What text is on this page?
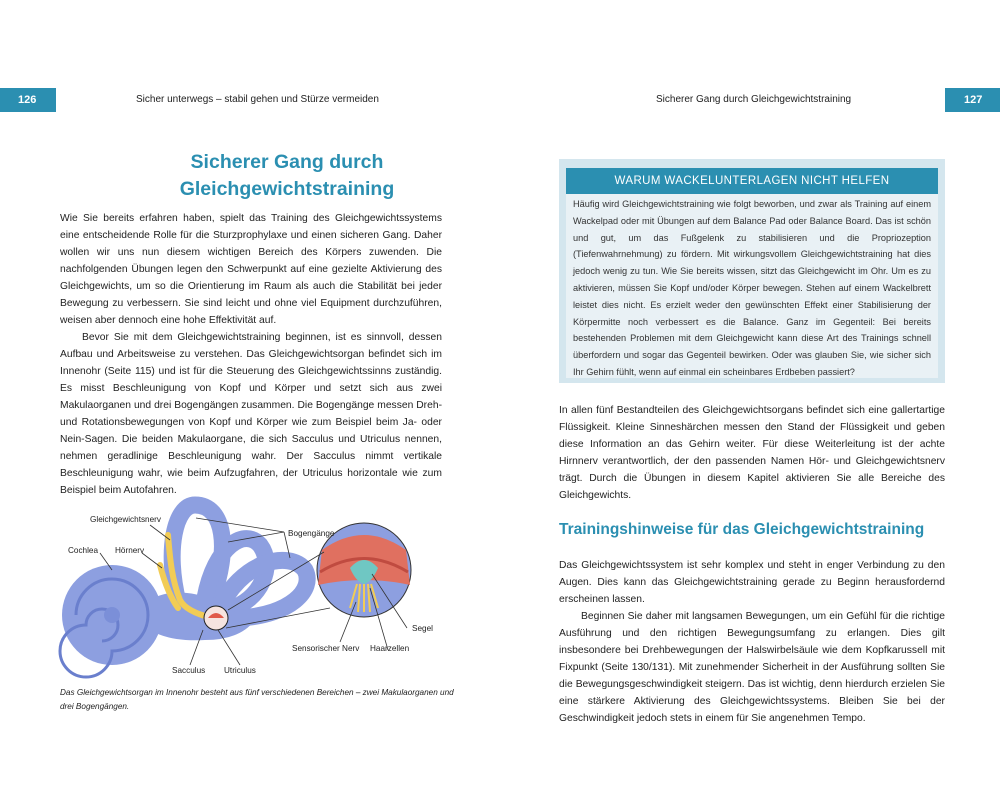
126	Sicher unterwegs – stabil gehen und Stürze vermeiden	Sicherer Gang durch Gleichgewichtstraining	127
Sicherer Gang durch
Gleichgewichtstraining

Wie Sie bereits erfahren haben, spielt das Training des Gleichgewichtssystems eine entscheidende Rolle für die Sturzprophylaxe und einen sicheren Gang. Daher wollen wir uns nun diesem wichtigen Bereich des Körpers zuwenden. Die nachfolgenden Übungen legen den Schwerpunkt auf eine gezielte Aktivierung des Gleichgewichts, um so die Orientierung im Raum als auch die Stabilität bei jeder Bewegung zu verbessern. Sie sind leicht und ohne viel Equipment durchzuführen, weisen aber dennoch eine hohe Effektivität auf.

Bevor Sie mit dem Gleichgewichtstraining beginnen, ist es sinnvoll, dessen Aufbau und Arbeitsweise zu verstehen. Das Gleichgewichtsorgan befindet sich im Innenohr (Seite 115) und ist für die Steuerung des Gleichgewichtssinns zuständig. Es misst Beschleunigung von Kopf und Körper und setzt sich aus zwei Makulaorganen und drei Bogengängen zusammen. Die Bogengänge messen Dreh- und Rotationsbewegungen von Kopf und Körper wie zum Beispiel beim Ja- oder Nein-Sagen. Die beiden Makulaorgane, die sich Sacculus und Utriculus nennen, nehmen geradlinige Beschleunigung wahr. Der Sacculus nimmt vertikale Beschleunigung wahr, wie beim Aufzugfahren, der Utriculus horizontale wie zum Beispiel beim Autofahren.

Gleichgewichtsnerv
Cochlea Hörnerv
Bogengänge
Segel
Sensorischer Nerv Haarzellen
Sacculus Utriculus

Das Gleichgewichtsorgan im Innenohr besteht aus fünf verschiedenen Bereichen – zwei Makulaorganen und drei Bogengängen.

WARUM WACKELUNTERLAGEN NICHT HELFEN
Häufig wird Gleichgewichtstraining wie folgt beworben, und zwar als Training auf einem Wackelpad oder mit Übungen auf dem Balance Pad oder Balance Board. Das ist schön und gut, um das Fußgelenk zu stabilisieren und die Propriozeption (Tiefenwahrnehmung) zu fördern. Mit wirkungsvollem Gleichgewichtstraining hat dies jedoch wenig zu tun. Wie Sie bereits wissen, sitzt das Gleichgewicht im Ohr. Um es zu aktivieren, müssen Sie Kopf und/oder Körper bewegen. Stehen auf einem Wackelbrett leistet dies nicht. Es erzielt weder den gewünschten Effekt einer Stabilisierung der Körpermitte noch verbessert es die Balance. Ganz im Gegenteil: Bei bereits bestehenden Problemen mit dem Gleichgewicht kann diese Art des Trainings schnell überfordern und sogar das Gegenteil bewirken. Oder was glauben Sie, wie sicher sich Ihr Gehirn fühlt, wenn auf einmal ein scheinbares Erdbeben passiert?

In allen fünf Bestandteilen des Gleichgewichtsorgans befindet sich eine gallertartige Flüssigkeit. Kleine Sinneshärchen messen den Stand der Flüssigkeit und geben diese Information an das Gehirn weiter. Für diese Weiterleitung ist der achte Hirnnerv verantwortlich, der den passenden Namen Hör- und Gleichgewichtsnerv trägt. Durch die Übungen in diesem Kapitel aktivieren Sie alle Bereiche des Gleichgewichts.

Trainingshinweise für das Gleichgewichtstraining

Das Gleichgewichtssystem ist sehr komplex und steht in enger Verbindung zu den Augen. Dies kann das Gleichgewichtstraining gerade zu Beginn herausfordernd erscheinen lassen.

Beginnen Sie daher mit langsamen Bewegungen, um ein Gefühl für die richtige Ausführung und den richtigen Bewegungsumfang zu erlangen. Dies gilt insbesondere bei Drehbewegungen der Halswirbelsäule wie dem Kopfkarussell mit Fixpunkt (Seite 130/131). Mit zunehmender Sicherheit in der Ausführung sollten Sie die Bewegungsgeschwindigkeit steigern. Das ist wichtig, denn hierdurch erzielen Sie eine stärkere Aktivierung des Gleichgewichtssystems. Bleiben Sie bei der Geschwindigkeit jedoch stets in einem für Sie angenehmen Tempo.
